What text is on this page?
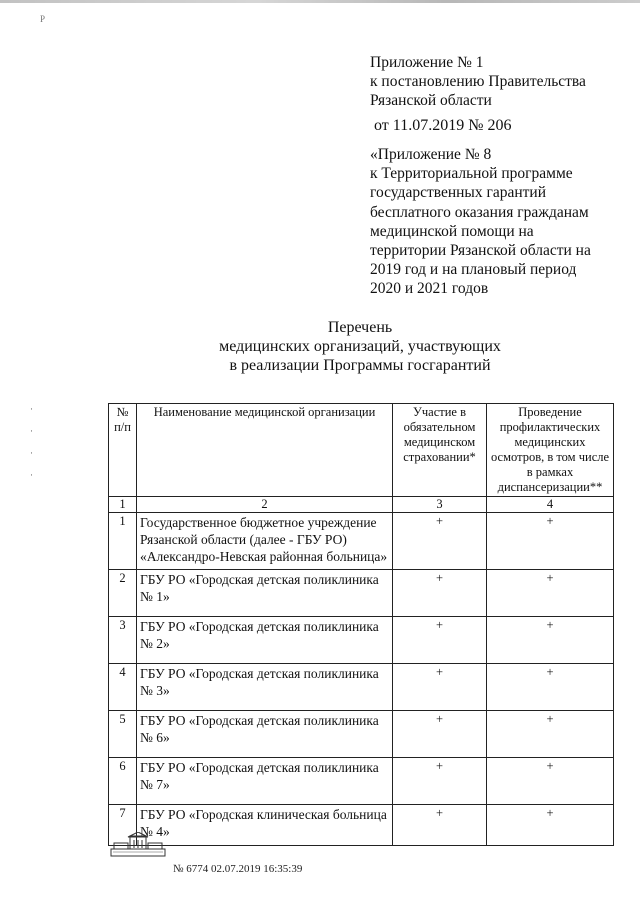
Р
·
·
·
·
Приложение № 1
к постановлению Правительства
Рязанской области
от 11.07.2019 № 206
«Приложение № 8
к Территориальной программе
государственных гарантий
бесплатного оказания гражданам
медицинской помощи на
территории Рязанской области на
2019 год и на плановый период
2020 и 2021 годов
Перечень
медицинских организаций, участвующих
в реализации Программы госгарантий
№ п/п	Наименование медицинской организации	Участие в обязательном медицинском страховании*	Проведение профилактических медицинских осмотров, в том числе в рамках диспансеризации**
1	2	3	4
1	Государственное бюджетное учреждение Рязанской области (далее - ГБУ РО) «Александро-Невская районная больница»	+	+
2	ГБУ РО «Городская детская поликлиника № 1»	+	+
3	ГБУ РО «Городская детская поликлиника № 2»	+	+
4	ГБУ РО «Городская детская поликлиника № 3»	+	+
5	ГБУ РО «Городская детская поликлиника № 6»	+	+
6	ГБУ РО «Городская детская поликлиника № 7»	+	+
7	ГБУ РО «Городская клиническая больница № 4»	+	+
№ 6774 02.07.2019 16:35:39
